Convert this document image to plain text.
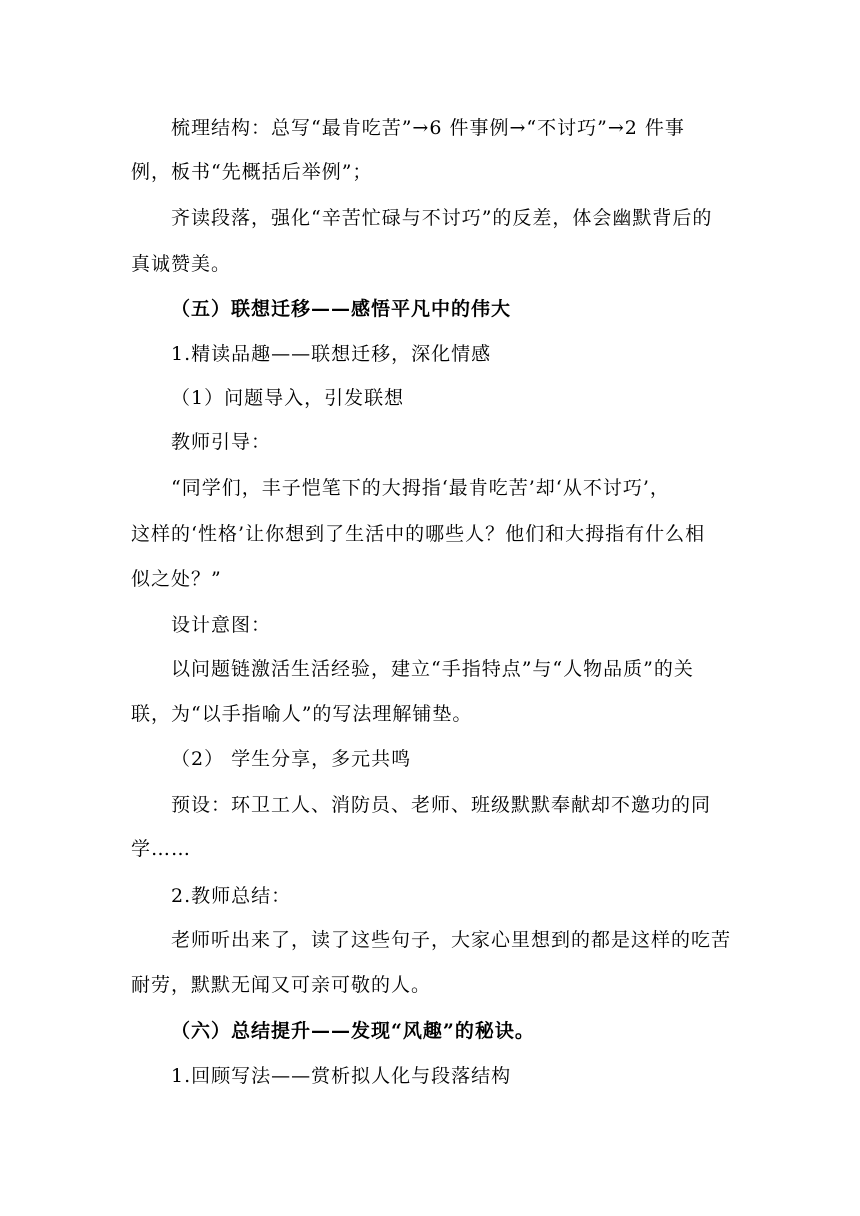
梳理结构：总写“最肯吃苦”→6 件事例→“不讨巧”→2 件事
例，板书“先概括后举例”；
齐读段落，强化“辛苦忙碌与不讨巧”的反差，体会幽默背后的
真诚赞美。
（五）联想迁移——感悟平凡中的伟大
1.精读品趣——联想迁移，深化情感
（1）问题导入，引发联想
教师引导：
“同学们，丰子恺笔下的大拇指‘最肯吃苦’却‘从不讨巧’，
这样的‘性格’让你想到了生活中的哪些人？他们和大拇指有什么相
似之处？”
设计意图：
以问题链激活生活经验，建立“手指特点”与“人物品质”的关
联，为“以手指喻人”的写法理解铺垫。
（2） 学生分享，多元共鸣
预设：环卫工人、消防员、老师、班级默默奉献却不邀功的同
学……
2.教师总结：
老师听出来了，读了这些句子，大家心里想到的都是这样的吃苦
耐劳，默默无闻又可亲可敬的人。
（六）总结提升——发现“风趣”的秘诀。
1.回顾写法——赏析拟人化与段落结构
